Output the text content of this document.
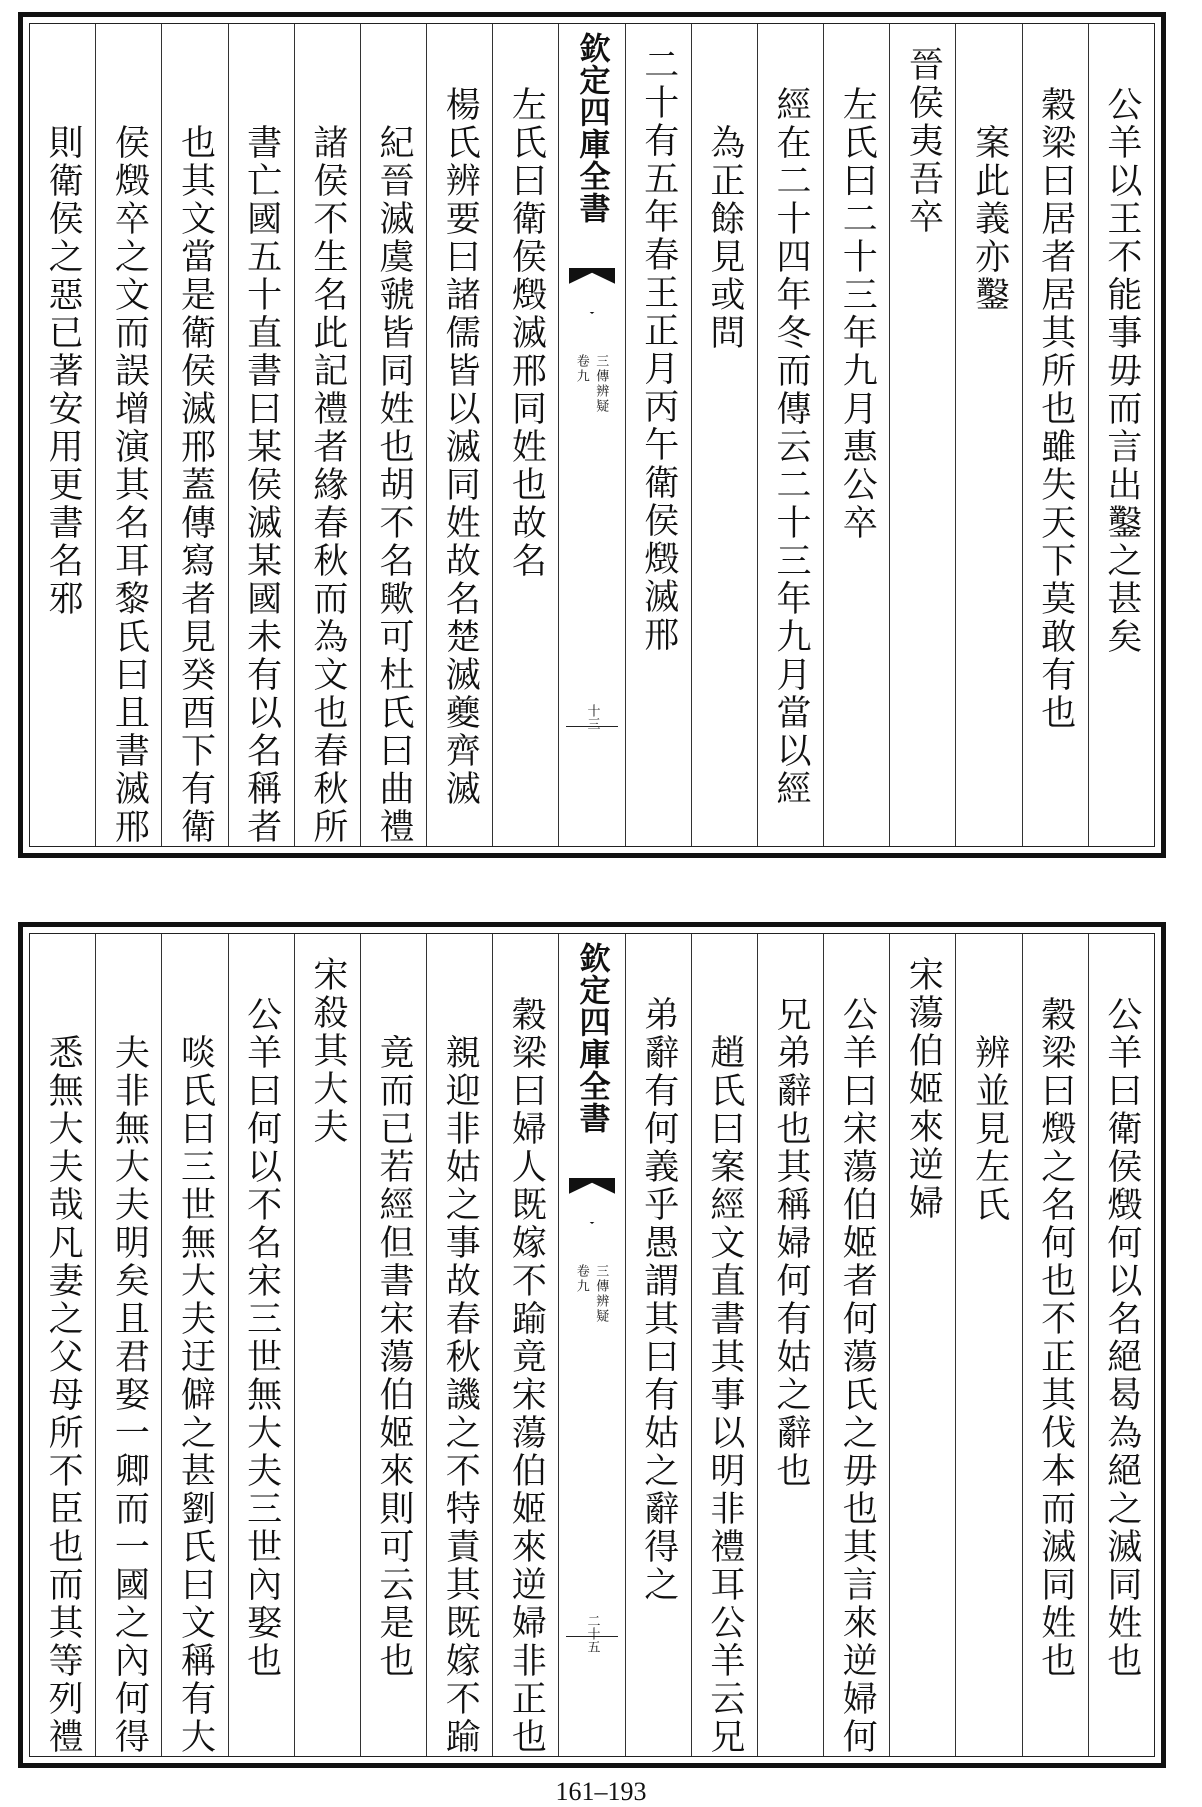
公羊以王不能事毋而言出鑿之甚矣
穀梁曰居者居其所也雖失天下莫敢有也
案此義亦鑿
晉侯夷吾卒
左氏曰二十三年九月惠公卒
經在二十四年冬而傳云二十三年九月當以經
為正餘見或問
二十有五年春王正月丙午衛侯燬滅邢
欽定四庫全書
三傳辨疑
卷九
十三
左氏曰衛侯燬滅邢同姓也故名
楊氏辨要曰諸儒皆以滅同姓故名楚滅夔齊滅
紀晉滅虞虢皆同姓也胡不名歟可杜氏曰曲禮
諸侯不生名此記禮者緣春秋而為文也春秋所
書亡國五十直書曰某侯滅某國未有以名稱者
也其文當是衛侯滅邢蓋傳寫者見癸酉下有衛
侯燬卒之文而誤增演其名耳黎氏曰且書滅邢
則衛侯之惡已著安用更書名邪
公羊曰衛侯燬何以名絕曷為絕之滅同姓也
穀梁曰燬之名何也不正其伐本而滅同姓也
辨並見左氏
宋蕩伯姬來逆婦
公羊曰宋蕩伯姬者何蕩氏之毋也其言來逆婦何
兄弟辭也其稱婦何有姑之辭也
趙氏曰案經文直書其事以明非禮耳公羊云兄
弟辭有何義乎愚謂其曰有姑之辭得之
欽定四庫全書
三傳辨疑
卷九
二十五
穀梁曰婦人既嫁不踰竟宋蕩伯姬來逆婦非正也
親迎非姑之事故春秋譏之不特責其既嫁不踰
竟而已若經但書宋蕩伯姬來則可云是也
宋殺其大夫
公羊曰何以不名宋三世無大夫三世內娶也
啖氏曰三世無大夫迂僻之甚劉氏曰文稱有大
夫非無大夫明矣且君娶一卿而一國之內何得
悉無大夫哉凡妻之父母所不臣也而其等列禮
161–193
